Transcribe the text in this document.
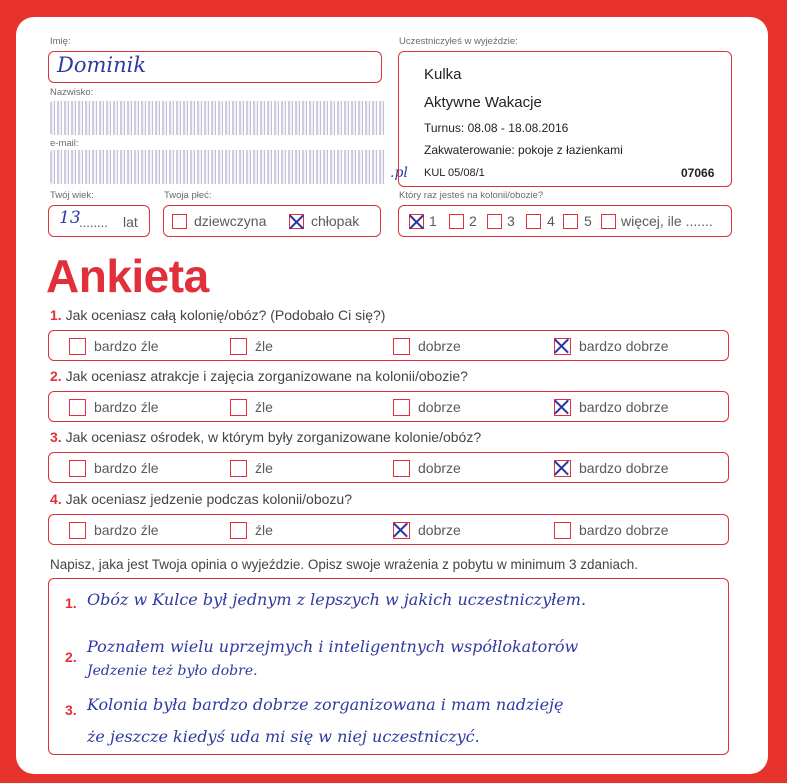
Imię:
Dominik
Nazwisko:
e-mail:
.pl
Uczestniczyłeś w wyjeździe:
Kulka
Aktywne Wakacje
Turnus: 08.08 - 18.08.2016
Zakwaterowanie: pokoje z łazienkami
KUL 05/08/1	07066
Twój wiek:
13
........ lat
Twoja płeć:
dziewczyna	chłopak
Który raz jesteś na kolonii/obozie?
1 2 3 4 5 więcej, ile .......
Ankieta
1. Jak oceniasz całą kolonię/obóz? (Podobało Ci się?)
bardzo źle	źle	dobrze	bardzo dobrze
2. Jak oceniasz atrakcje i zajęcia zorganizowane na kolonii/obozie?
bardzo źle	źle	dobrze	bardzo dobrze
3. Jak oceniasz ośrodek, w którym były zorganizowane kolonie/obóz?
bardzo źle	źle	dobrze	bardzo dobrze
4. Jak oceniasz jedzenie podczas kolonii/obozu?
bardzo źle	źle	dobrze	bardzo dobrze
Napisz, jaka jest Twoja opinia o wyjeździe. Opisz swoje wrażenia z pobytu w minimum 3 zdaniach.
1. Obóz w Kulce był jednym z lepszych w jakich uczestniczyłem.
2.
Poznałem wielu uprzejmych i inteligentnych współlokatorów
Jedzenie też było dobre.
3. Kolonia była bardzo dobrze zorganizowana i mam nadzieję
że jeszcze kiedyś uda mi się w niej uczestniczyć.
